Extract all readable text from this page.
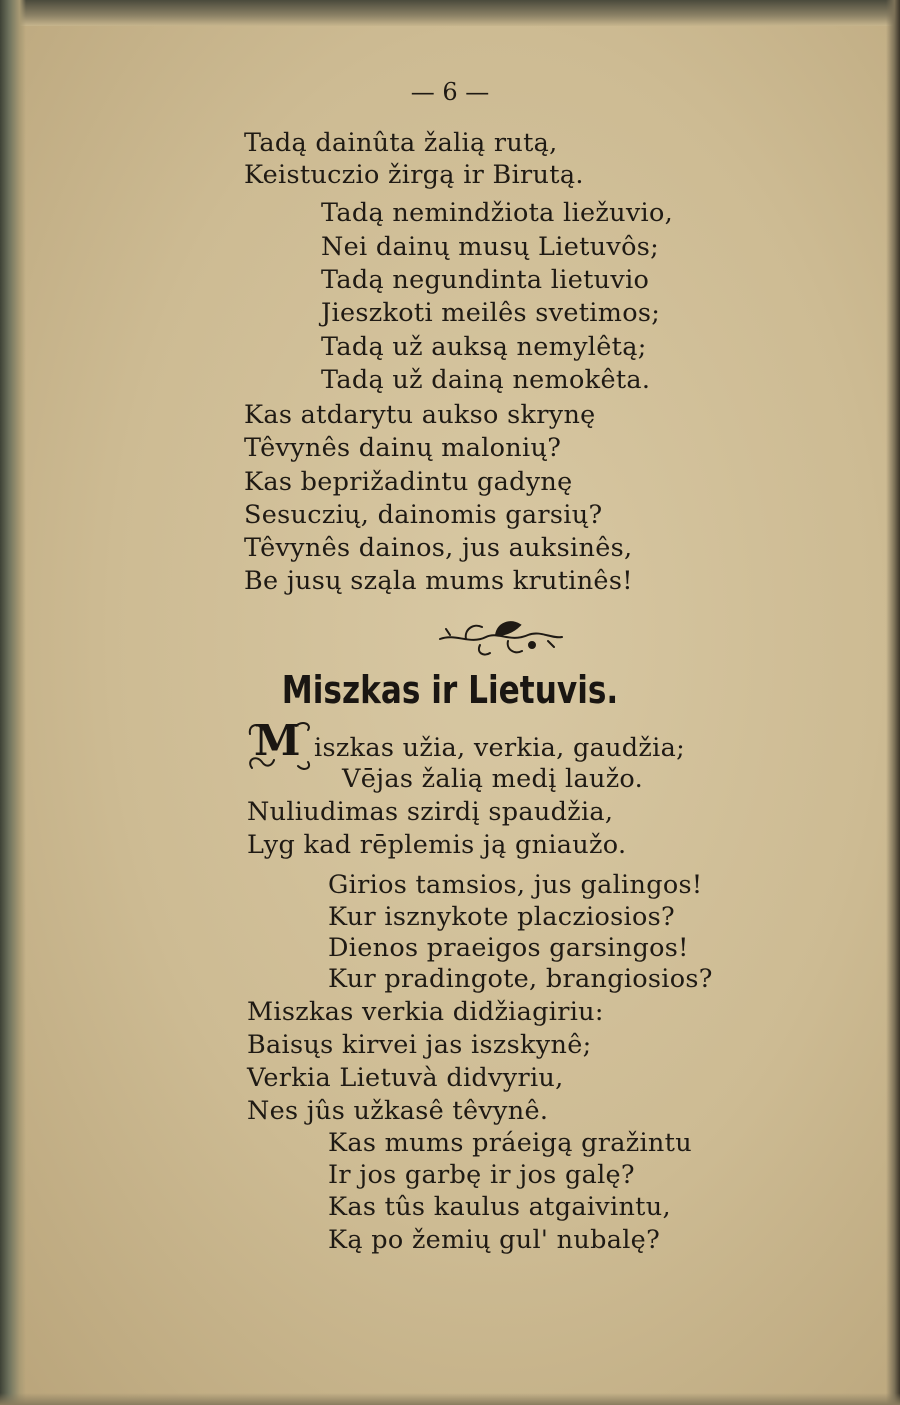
— 6 —
Tadą dainûta žalią rutą,
Keistuczio žirgą ir Birutą.
Tadą nemindžiota liežuvio,
Nei dainų musų Lietuvôs;
Tadą negundinta lietuvio
Jieszkoti meilês svetimos;
Tadą už auksą nemylêtą;
Tadą už dainą nemokêta.
Kas atdarytu aukso skrynę
Têvynês dainų malonių?
Kas beprižadintu gadynę
Sesuczių, dainomis garsių?
Têvynês dainos, jus auksinês,
Be jusų sząla mums krutinês!
Miszkas ir Lietuvis.
M iszkas užia, verkia, gaudžia;
Vējas žalią medį laužo.
Nuliudimas szirdį spaudžia,
Lyg kad rēplemis ją gniaužo.
Girios tamsios, jus galingos!
Kur isznykote placziosios?
Dienos praeigos garsingos!
Kur pradingote, brangiosios?
Miszkas verkia didžiagiriu:
Baisųs kirvei jas iszskynê;
Verkia Lietuvà didvyriu,
Nes jûs užkasê têvynê.
Kas mums práeigą gražintu
Ir jos garbę ir jos galę?
Kas tûs kaulus atgaivintu,
Ką po žemių gul' nubalę?
